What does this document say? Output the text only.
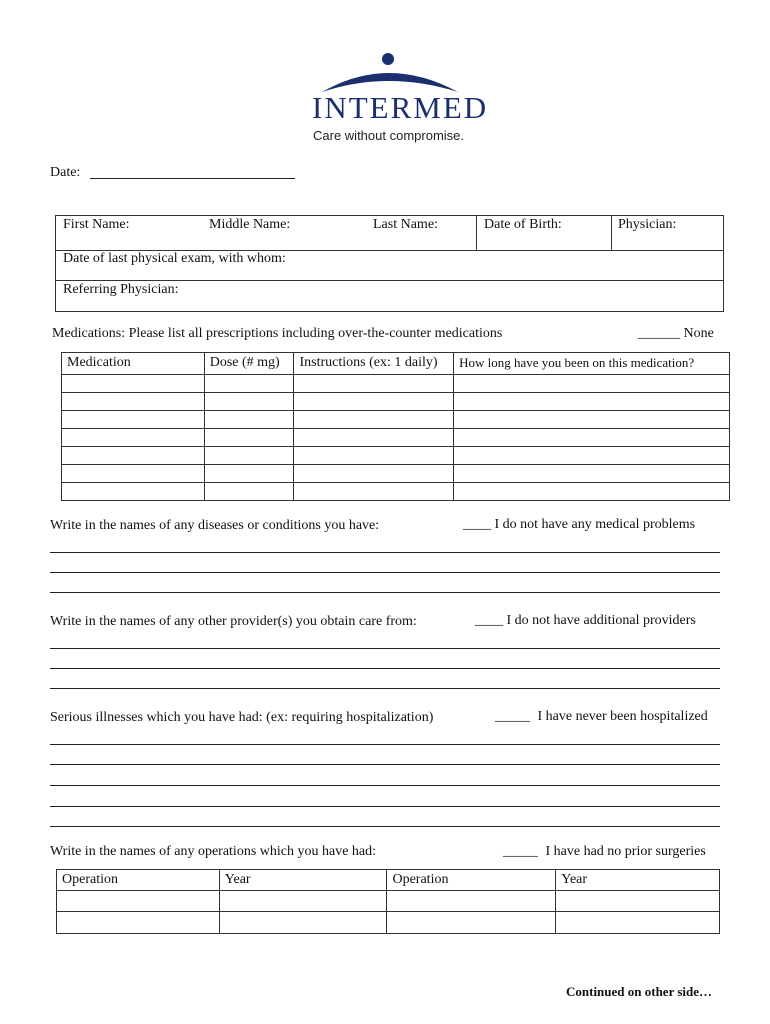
INTERMED
Care without compromise.
Date:
First Name:	Middle Name:	Last Name:	Date of Birth:	Physician:
Date of last physical exam, with whom:
Referring Physician:
Medications: Please list all prescriptions including over-the-counter medications	______ None
Medication	Dose (# mg)	Instructions (ex: 1 daily)	How long have you been on this medication?

Write in the names of any diseases or conditions you have:	____ I do not have any medical problems
Write in the names of any other provider(s) you obtain care from:	____ I do not have additional providers
Serious illnesses which you have had: (ex: requiring hospitalization)	_____ I have never been hospitalized
Write in the names of any operations which you have had:	_____ I have had no prior surgeries
Operation	Year	Operation	Year

Continued on other side…
